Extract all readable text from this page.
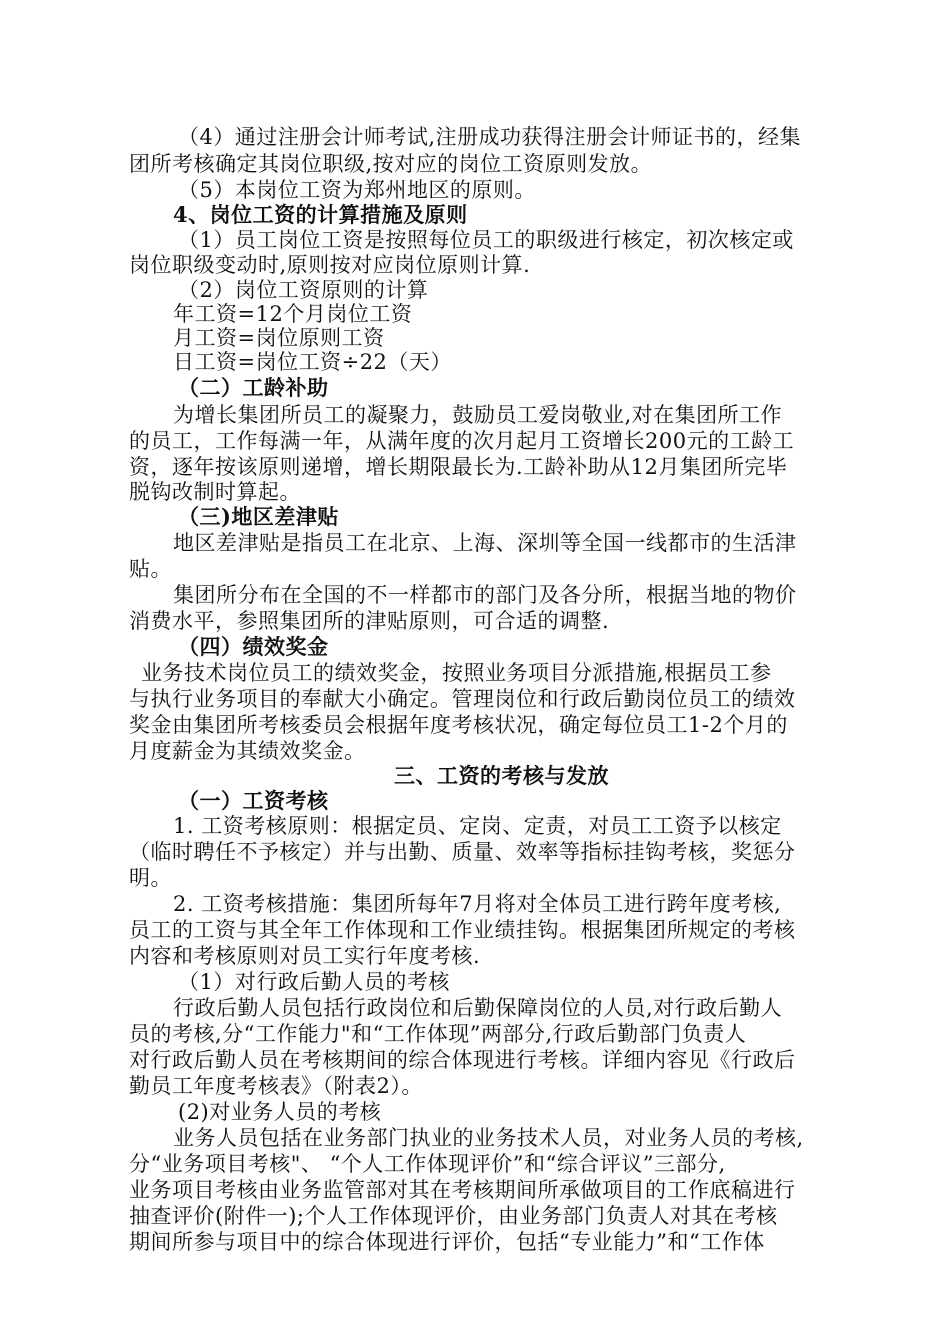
（4）通过注册会计师考试,注册成功获得注册会计师证书的，经集
团所考核确定其岗位职级,按对应的岗位工资原则发放。
（5）本岗位工资为郑州地区的原则。
4、岗位工资的计算措施及原则
（1）员工岗位工资是按照每位员工的职级进行核定，初次核定或
岗位职级变动时,原则按对应岗位原则计算.
（2）岗位工资原则的计算
年工资=12个月岗位工资
月工资=岗位原则工资
日工资=岗位工资÷22（天）
（二）工龄补助
为增长集团所员工的凝聚力，鼓励员工爱岗敬业,对在集团所工作
的员工，工作每满一年，从满年度的次月起月工资增长200元的工龄工
资，逐年按该原则递增，增长期限最长为.工龄补助从12月集团所完毕
脱钩改制时算起。
（三)地区差津贴
地区差津贴是指员工在北京、上海、深圳等全国一线都市的生活津
贴。
集团所分布在全国的不一样都市的部门及各分所，根据当地的物价
消费水平，参照集团所的津贴原则，可合适的调整.
（四）绩效奖金
业务技术岗位员工的绩效奖金，按照业务项目分派措施,根据员工参
与执行业务项目的奉献大小确定。管理岗位和行政后勤岗位员工的绩效
奖金由集团所考核委员会根据年度考核状况，确定每位员工1-2个月的
月度薪金为其绩效奖金。
三、工资的考核与发放
（一）工资考核
1. 工资考核原则：根据定员、定岗、定责，对员工工资予以核定
（临时聘任不予核定）并与出勤、质量、效率等指标挂钩考核，奖惩分
明。
2. 工资考核措施：集团所每年7月将对全体员工进行跨年度考核,
员工的工资与其全年工作体现和工作业绩挂钩。根据集团所规定的考核
内容和考核原则对员工实行年度考核.
（1）对行政后勤人员的考核
行政后勤人员包括行政岗位和后勤保障岗位的人员,对行政后勤人
员的考核,分“工作能力"和“工作体现”两部分,行政后勤部门负责人
对行政后勤人员在考核期间的综合体现进行考核。详细内容见《行政后
勤员工年度考核表》（附表2）。
(2)对业务人员的考核
业务人员包括在业务部门执业的业务技术人员，对业务人员的考核,
分“业务项目考核"、 “个人工作体现评价”和“综合评议”三部分,
业务项目考核由业务监管部对其在考核期间所承做项目的工作底稿进行
抽查评价(附件一);个人工作体现评价，由业务部门负责人对其在考核
期间所参与项目中的综合体现进行评价，包括“专业能力”和“工作体
